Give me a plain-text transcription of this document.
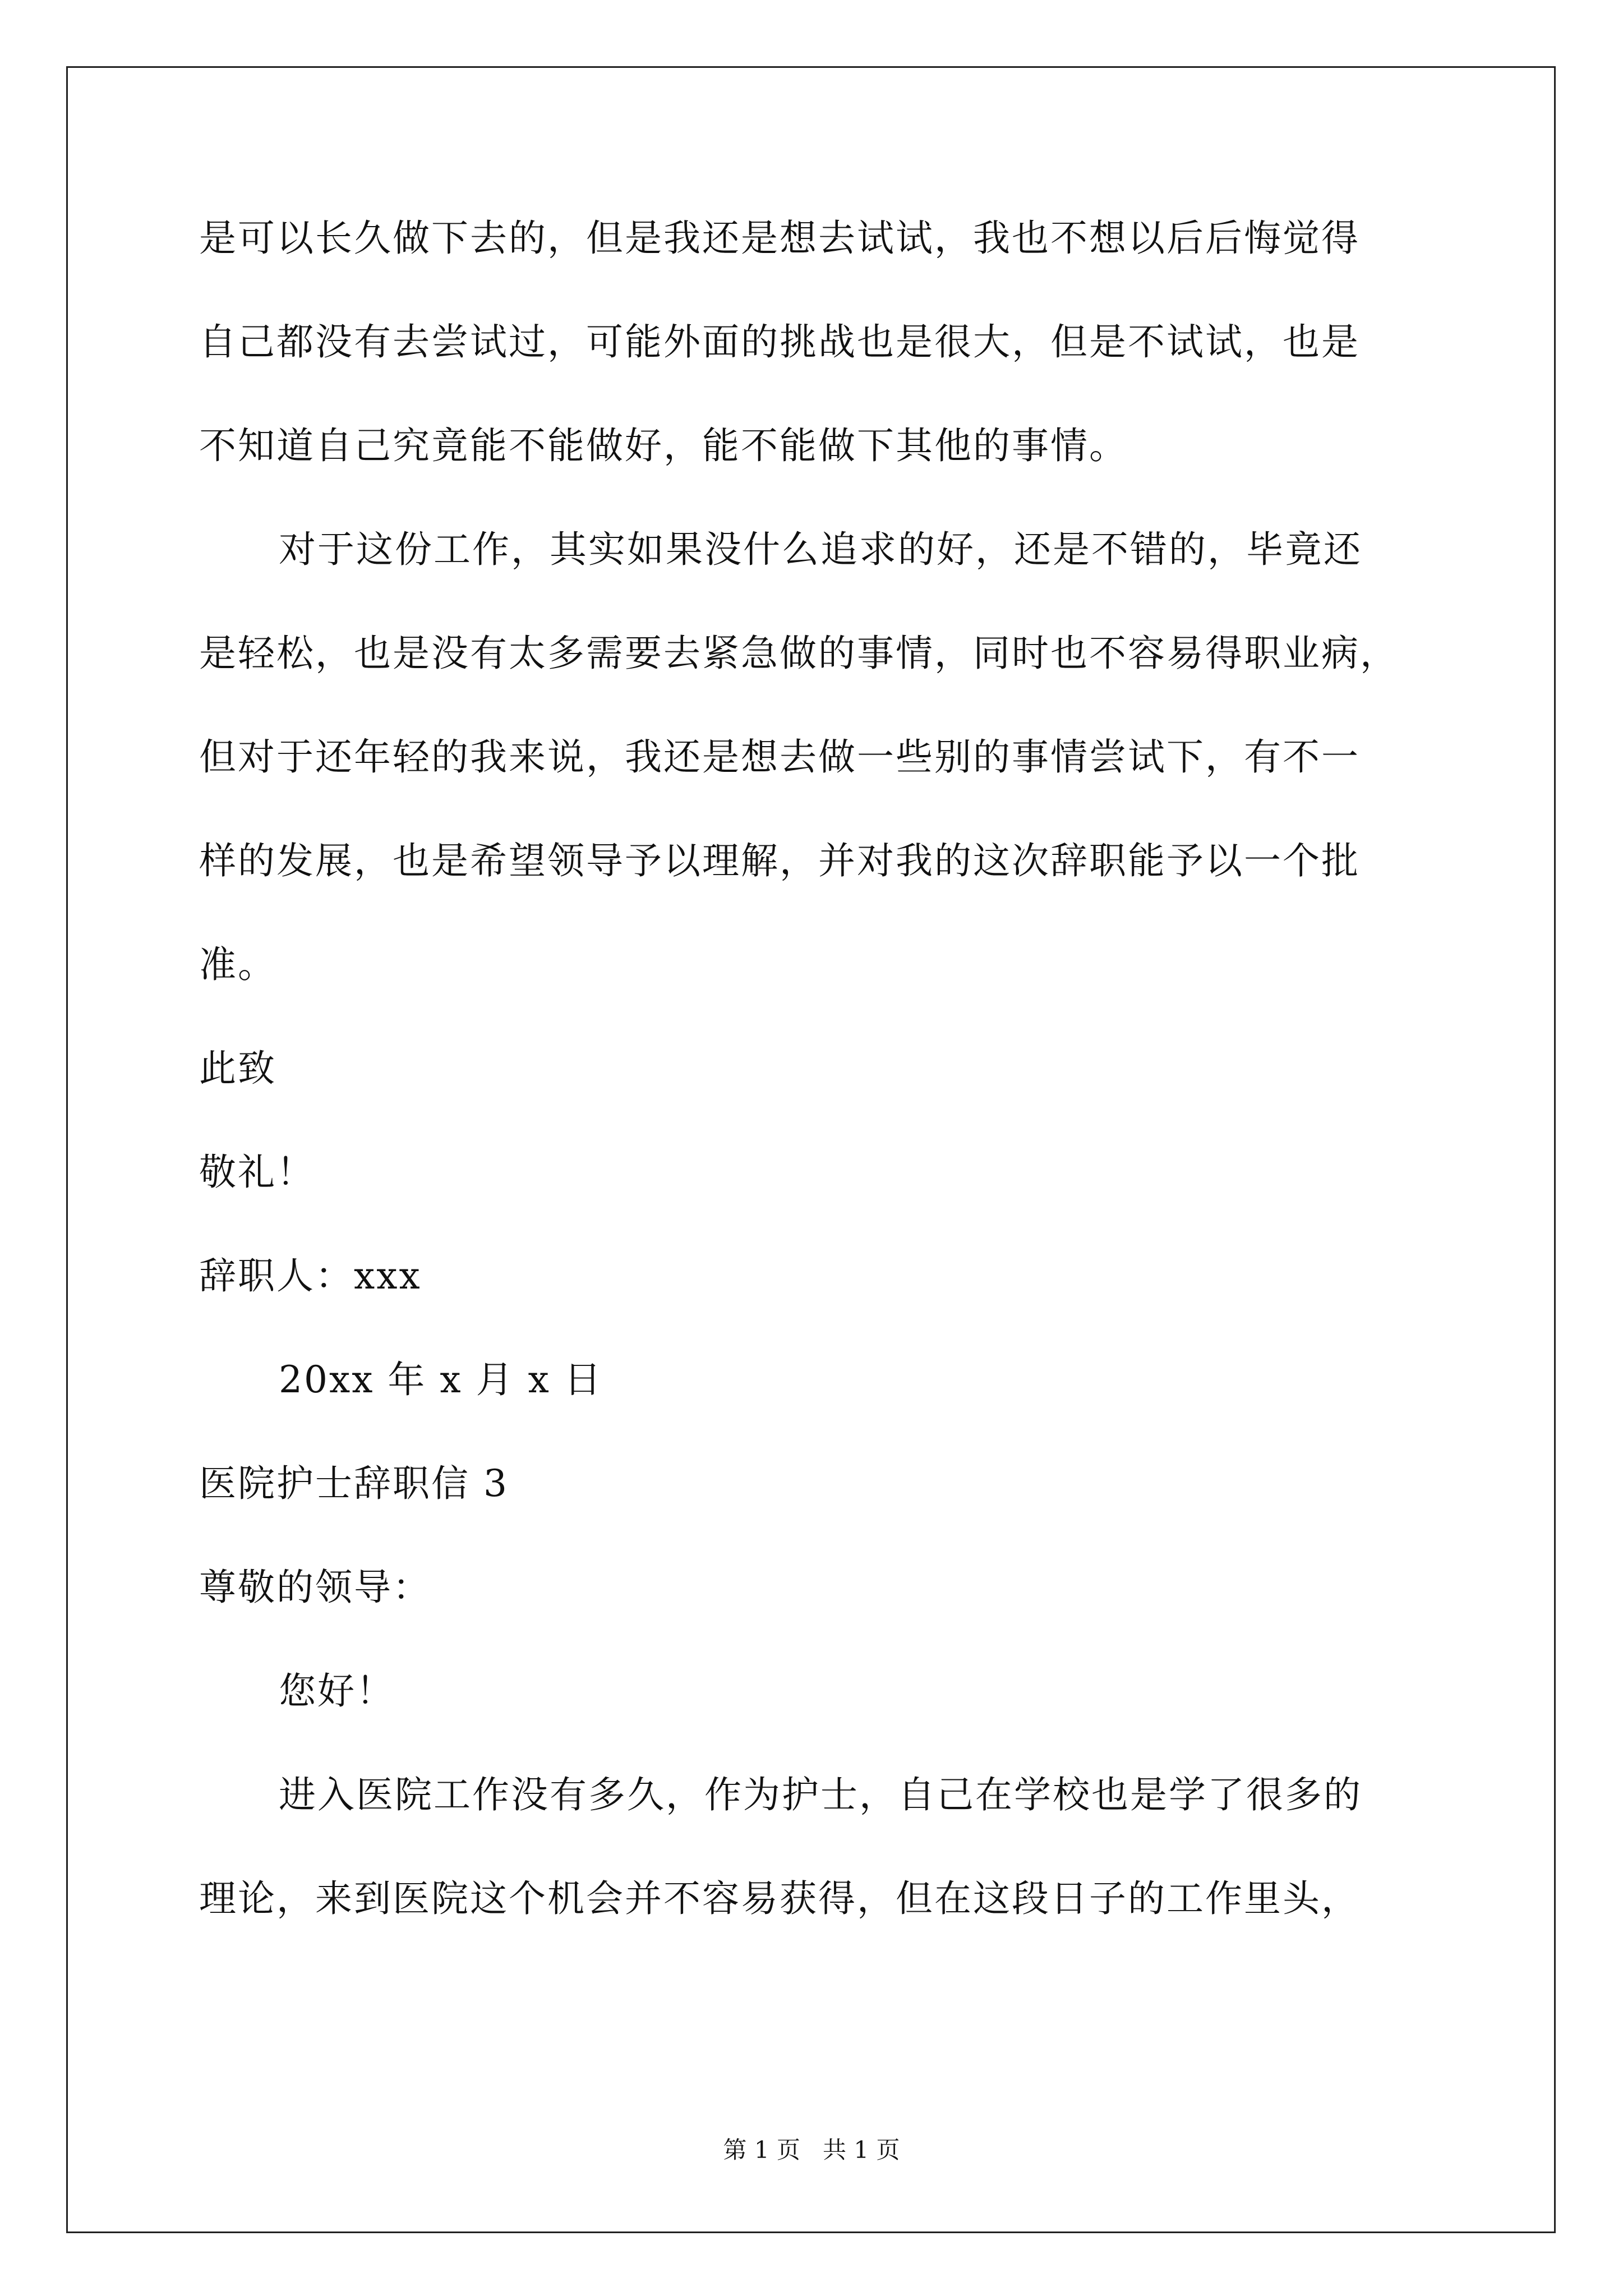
是可以长久做下去的，但是我还是想去试试，我也不想以后后悔觉得
自己都没有去尝试过，可能外面的挑战也是很大，但是不试试，也是
不知道自己究竟能不能做好，能不能做下其他的事情。
对于这份工作，其实如果没什么追求的好，还是不错的，毕竟还
是轻松，也是没有太多需要去紧急做的事情，同时也不容易得职业病，
但对于还年轻的我来说，我还是想去做一些别的事情尝试下，有不一
样的发展，也是希望领导予以理解，并对我的这次辞职能予以一个批
准。
此致
敬礼！
辞职人：xxx
20xx 年 x 月 x 日
医院护士辞职信 3
尊敬的领导：
您好！
进入医院工作没有多久，作为护士，自己在学校也是学了很多的
理论，来到医院这个机会并不容易获得，但在这段日子的工作里头，
第 1 页   共 1 页
